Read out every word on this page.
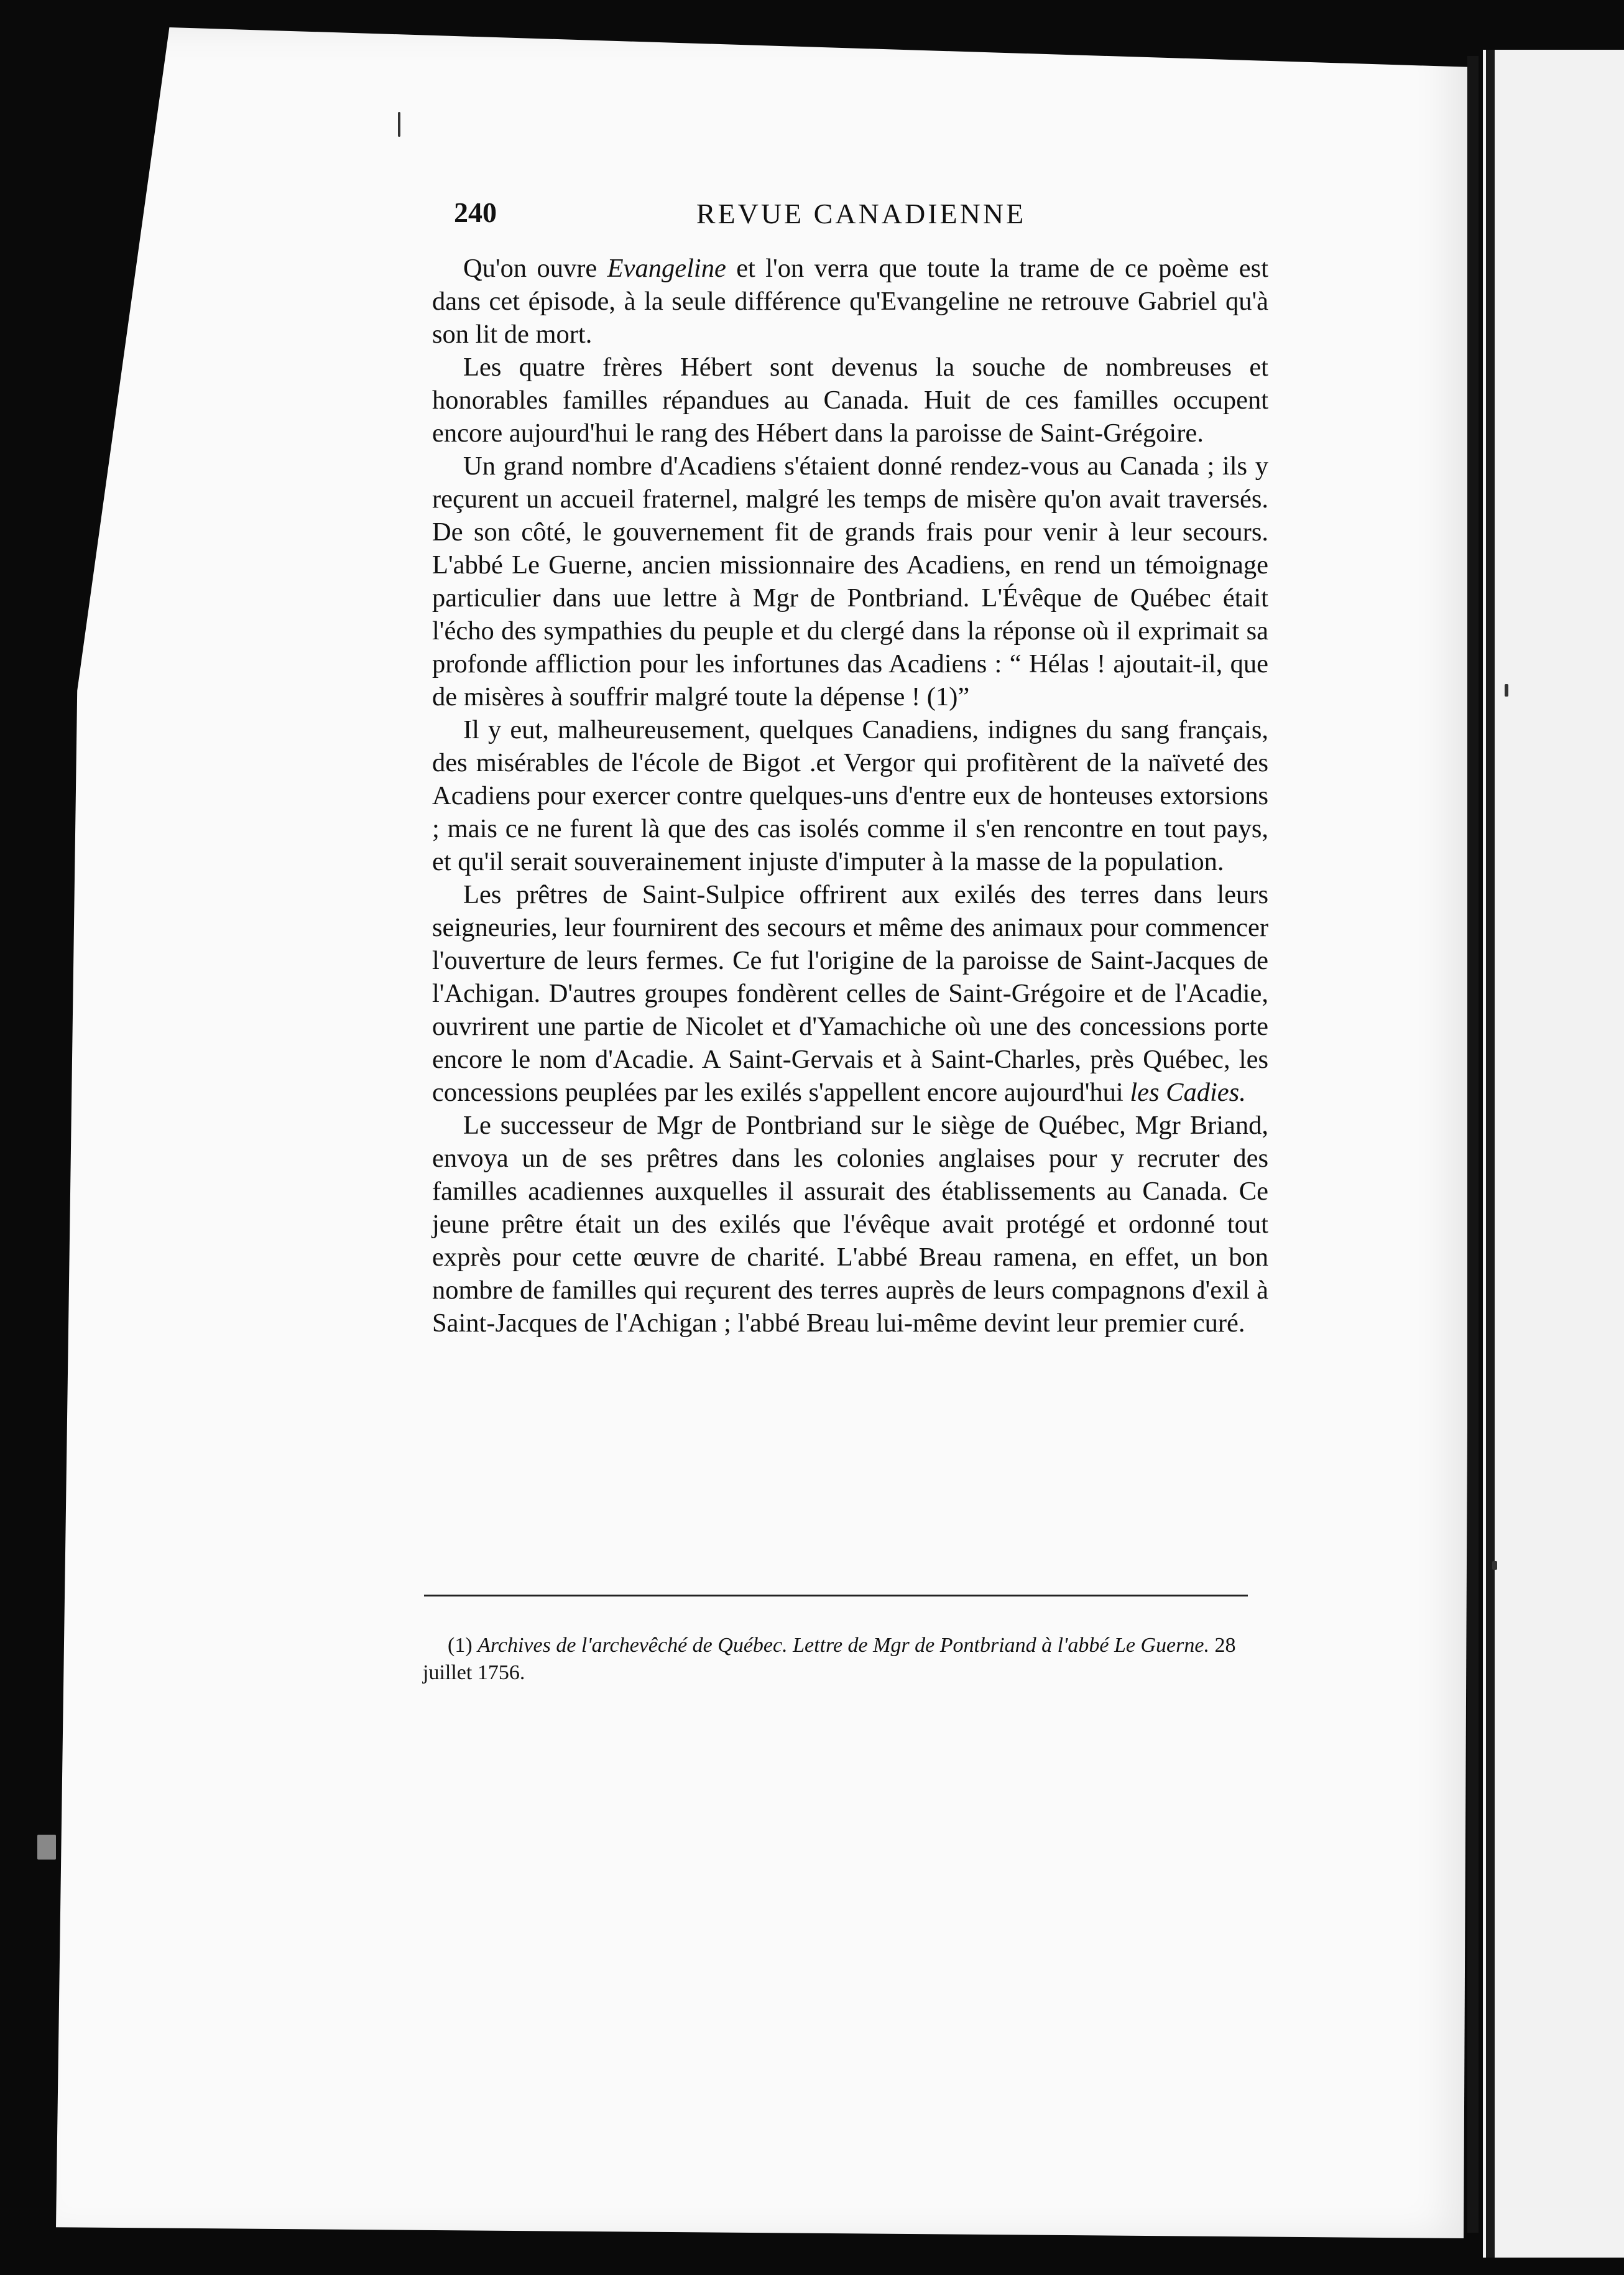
240	REVUE CANADIENNE

Qu'on ouvre Evangeline et l'on verra que toute la trame de ce poème est dans cet épisode, à la seule différence qu'Evangeline ne retrouve Gabriel qu'à son lit de mort.

Les quatre frères Hébert sont devenus la souche de nombreuses et honorables familles répandues au Canada. Huit de ces familles occupent encore aujourd'hui le rang des Hébert dans la paroisse de Saint-Grégoire.

Un grand nombre d'Acadiens s'étaient donné rendez-vous au Canada ; ils y reçurent un accueil fraternel, malgré les temps de misère qu'on avait traversés. De son côté, le gouvernement fit de grands frais pour venir à leur secours. L'abbé Le Guerne, ancien missionnaire des Acadiens, en rend un témoignage particulier dans uue lettre à Mgr de Pontbriand. L'Évêque de Québec était l'écho des sympathies du peuple et du clergé dans la réponse où il exprimait sa profonde affliction pour les infortunes das Acadiens : “ Hélas ! ajoutait-il, que de misères à souffrir malgré toute la dépense ! (1)”

Il y eut, malheureusement, quelques Canadiens, indignes du sang français, des misérables de l'école de Bigot .et Vergor qui profitèrent de la naïveté des Acadiens pour exercer contre quelques-uns d'entre eux de honteuses extorsions ; mais ce ne furent là que des cas isolés comme il s'en rencontre en tout pays, et qu'il serait souverainement injuste d'imputer à la masse de la population.

Les prêtres de Saint-Sulpice offrirent aux exilés des terres dans leurs seigneuries, leur fournirent des secours et même des animaux pour commencer l'ouverture de leurs fermes. Ce fut l'origine de la paroisse de Saint-Jacques de l'Achigan. D'autres groupes fondèrent celles de Saint-Grégoire et de l'Acadie, ouvrirent une partie de Nicolet et d'Yamachiche où une des concessions porte encore le nom d'Acadie. A Saint-Gervais et à Saint-Charles, près Québec, les concessions peuplées par les exilés s'appellent encore aujourd'hui les Cadies.

Le successeur de Mgr de Pontbriand sur le siège de Québec, Mgr Briand, envoya un de ses prêtres dans les colonies anglaises pour y recruter des familles acadiennes auxquelles il assurait des établissements au Canada. Ce jeune prêtre était un des exilés que l'évêque avait protégé et ordonné tout exprès pour cette œuvre de charité. L'abbé Breau ramena, en effet, un bon nombre de familles qui reçurent des terres auprès de leurs compagnons d'exil à Saint-Jacques de l'Achigan ; l'abbé Breau lui-même devint leur premier curé.

(1) Archives de l'archevêché de Québec. Lettre de Mgr de Pontbriand à l'abbé Le Guerne. 28 juillet 1756.
